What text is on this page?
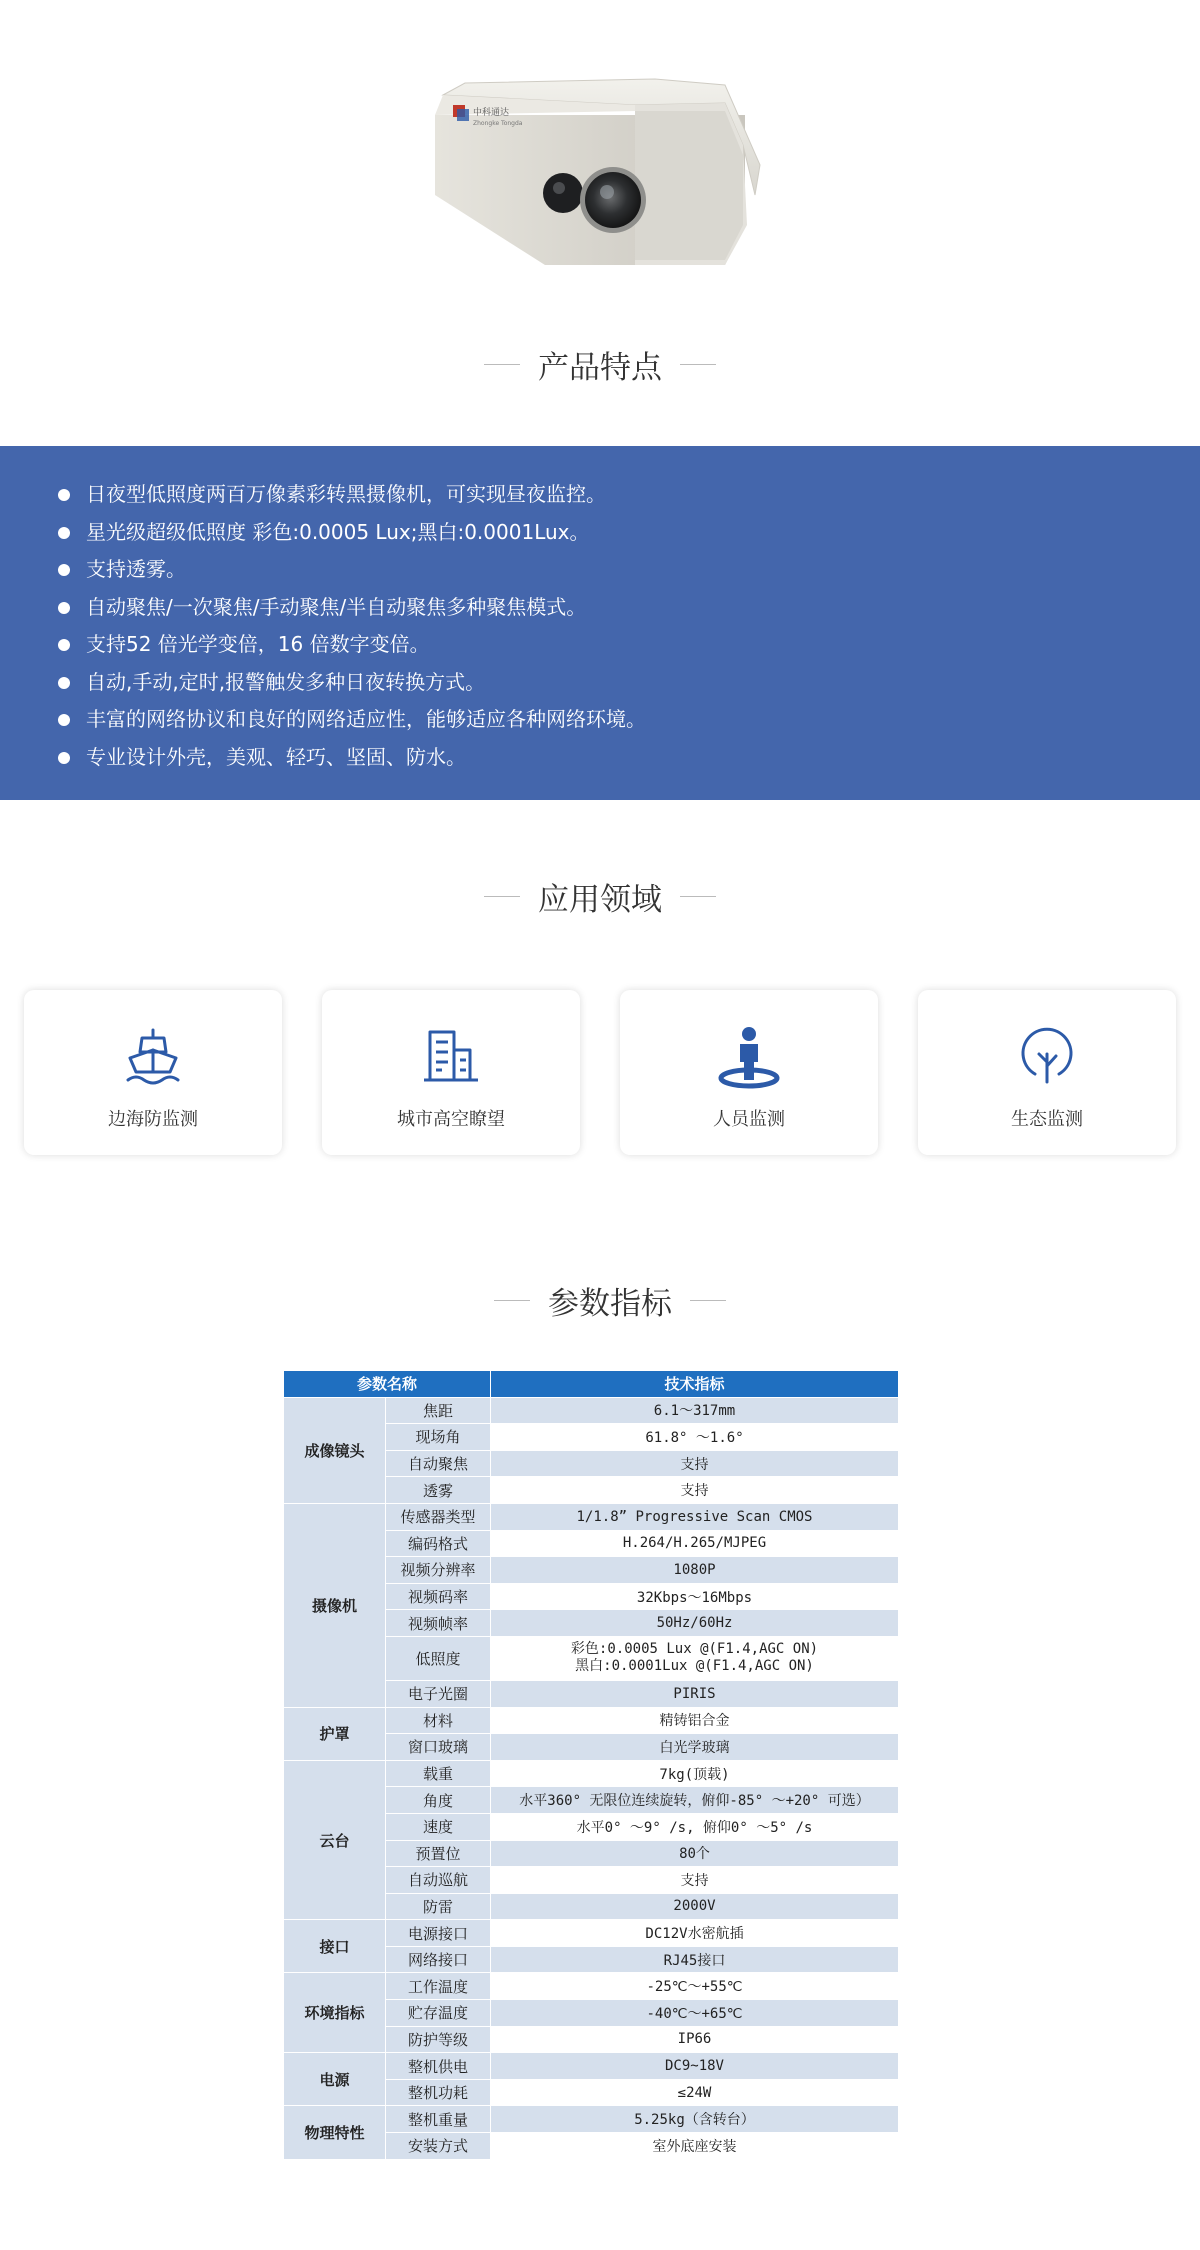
中科通达
Zhongke Tongda
产品特点
日夜型低照度两百万像素彩转黑摄像机，可实现昼夜监控。
星光级超级低照度 彩色:0.0005 Lux;黑白:0.0001Lux。
支持透雾。
自动聚焦/一次聚焦/手动聚焦/半自动聚焦多种聚焦模式。
支持52 倍光学变倍，16 倍数字变倍。
自动,手动,定时,报警触发多种日夜转换方式。
丰富的网络协议和良好的网络适应性，能够适应各种网络环境。
专业设计外壳，美观、轻巧、坚固、防水。
应用领域
边海防监测	城市高空瞭望	人员监测	生态监测
参数指标
参数名称		技术指标
成像镜头	焦距	6.1～317mm
	现场角	61.8° ～1.6°
	自动聚焦	支持
	透雾	支持
摄像机	传感器类型	1/1.8” Progressive Scan CMOS
	编码格式	H.264/H.265/MJPEG
	视频分辨率	1080P
	视频码率	32Kbps～16Mbps
	视频帧率	50Hz/60Hz
	低照度	彩色:0.0005 Lux @(F1.4,AGC ON)
黑白:0.0001Lux @(F1.4,AGC ON)
	电子光圈	PIRIS
护罩	材料	精铸铝合金
	窗口玻璃	白光学玻璃
云台	载重	7kg(顶载)
	角度	水平360° 无限位连续旋转，俯仰-85° ～+20° 可选）
	速度	水平0° ～9° /s, 俯仰0° ～5° /s
	预置位	80个
	自动巡航	支持
	防雷	2000V
接口	电源接口	DC12V水密航插
	网络接口	RJ45接口
环境指标	工作温度	-25℃～+55℃
	贮存温度	-40℃～+65℃
	防护等级	IP66
电源	整机供电	DC9~18V
	整机功耗	≤24W
物理特性	整机重量	5.25kg（含转台）
	安装方式	室外底座安装
